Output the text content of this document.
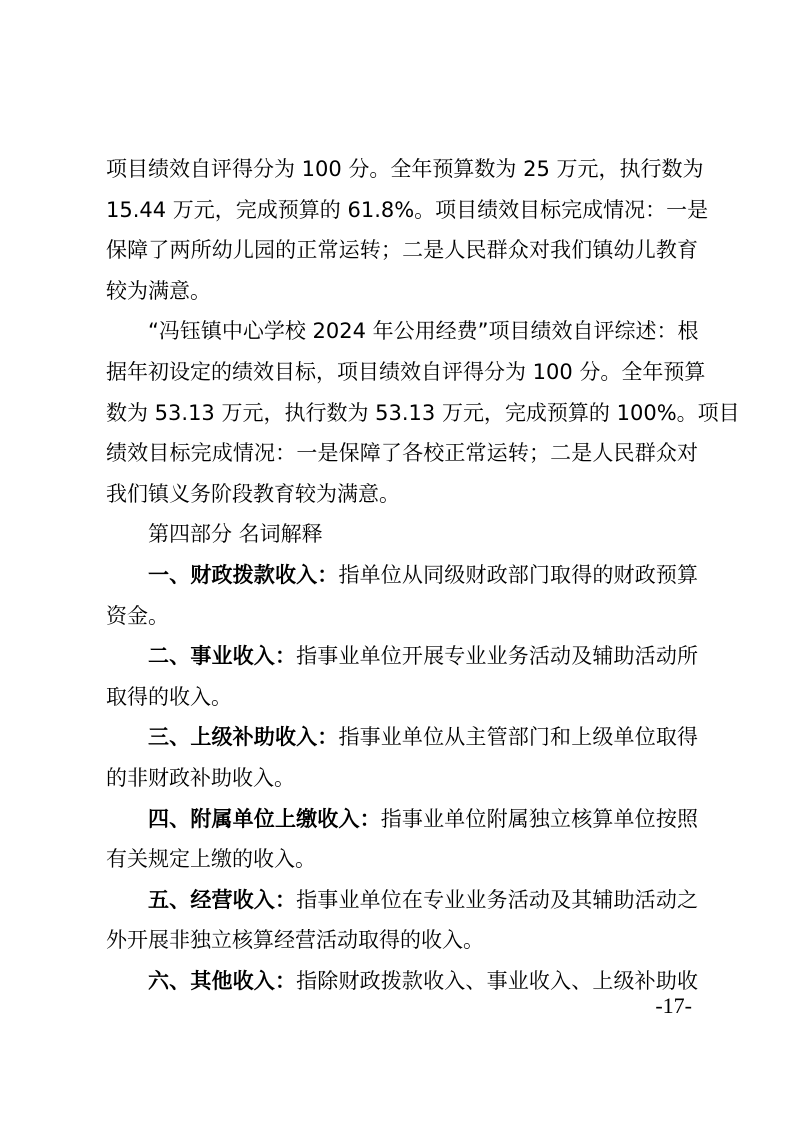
项目绩效自评得分为 100 分。全年预算数为 25 万元，执行数为
15.44 万元，完成预算的 61.8%。项目绩效目标完成情况：一是
保障了两所幼儿园的正常运转；二是人民群众对我们镇幼儿教育
较为满意。
“冯钰镇中心学校 2024 年公用经费”项目绩效自评综述：根
据年初设定的绩效目标，项目绩效自评得分为 100 分。全年预算
数为 53.13 万元，执行数为 53.13 万元，完成预算的 100%。项目
绩效目标完成情况：一是保障了各校正常运转；二是人民群众对
我们镇义务阶段教育较为满意。
第四部分 名词解释
一、财政拨款收入：指单位从同级财政部门取得的财政预算
资金。
二、事业收入：指事业单位开展专业业务活动及辅助活动所
取得的收入。
三、上级补助收入：指事业单位从主管部门和上级单位取得
的非财政补助收入。
四、附属单位上缴收入：指事业单位附属独立核算单位按照
有关规定上缴的收入。
五、经营收入：指事业单位在专业业务活动及其辅助活动之
外开展非独立核算经营活动取得的收入。
六、其他收入：指除财政拨款收入、事业收入、上级补助收
-17-
